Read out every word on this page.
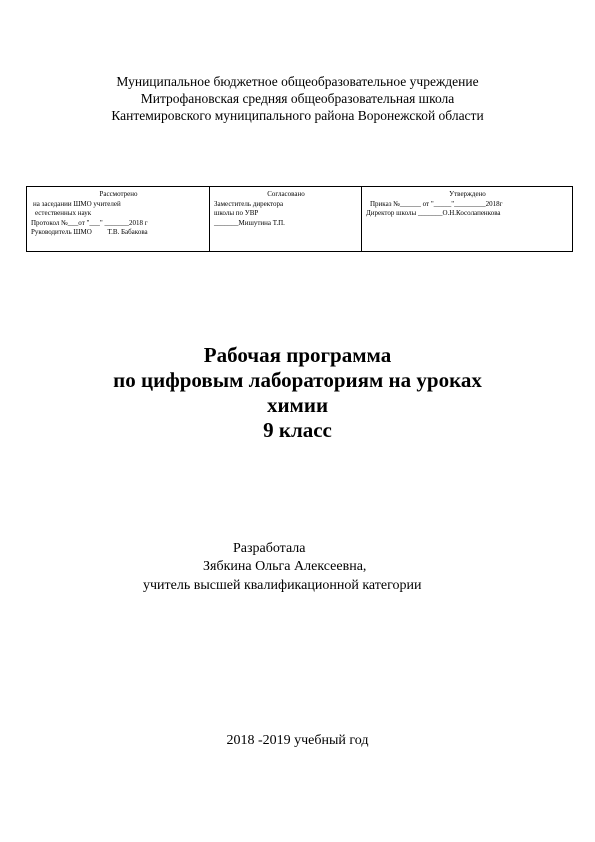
Муниципальное бюджетное общеобразовательное учреждение
Митрофановская средняя общеобразовательная школа
Кантемировского муниципального района Воронежской области
Рассмотрено
на заседании ШМО учителей
естественных наук
Протокол №___от "___" _______2018 г
Руководитель ШМО         Т.В. Бабакова
Согласовано
Заместитель директора
школы по УВР
_______Мишутина Т.П.
Утверждено
Приказ №______ от "_____"_________2018г
Директор школы _______О.Н.Косолапенкова
Рабочая программа
по цифровым лабораториям на уроках
химии
9 класс
Разработала
Зябкина Ольга Алексеевна,
учитель высшей квалификационной категории
2018 -2019 учебный год
